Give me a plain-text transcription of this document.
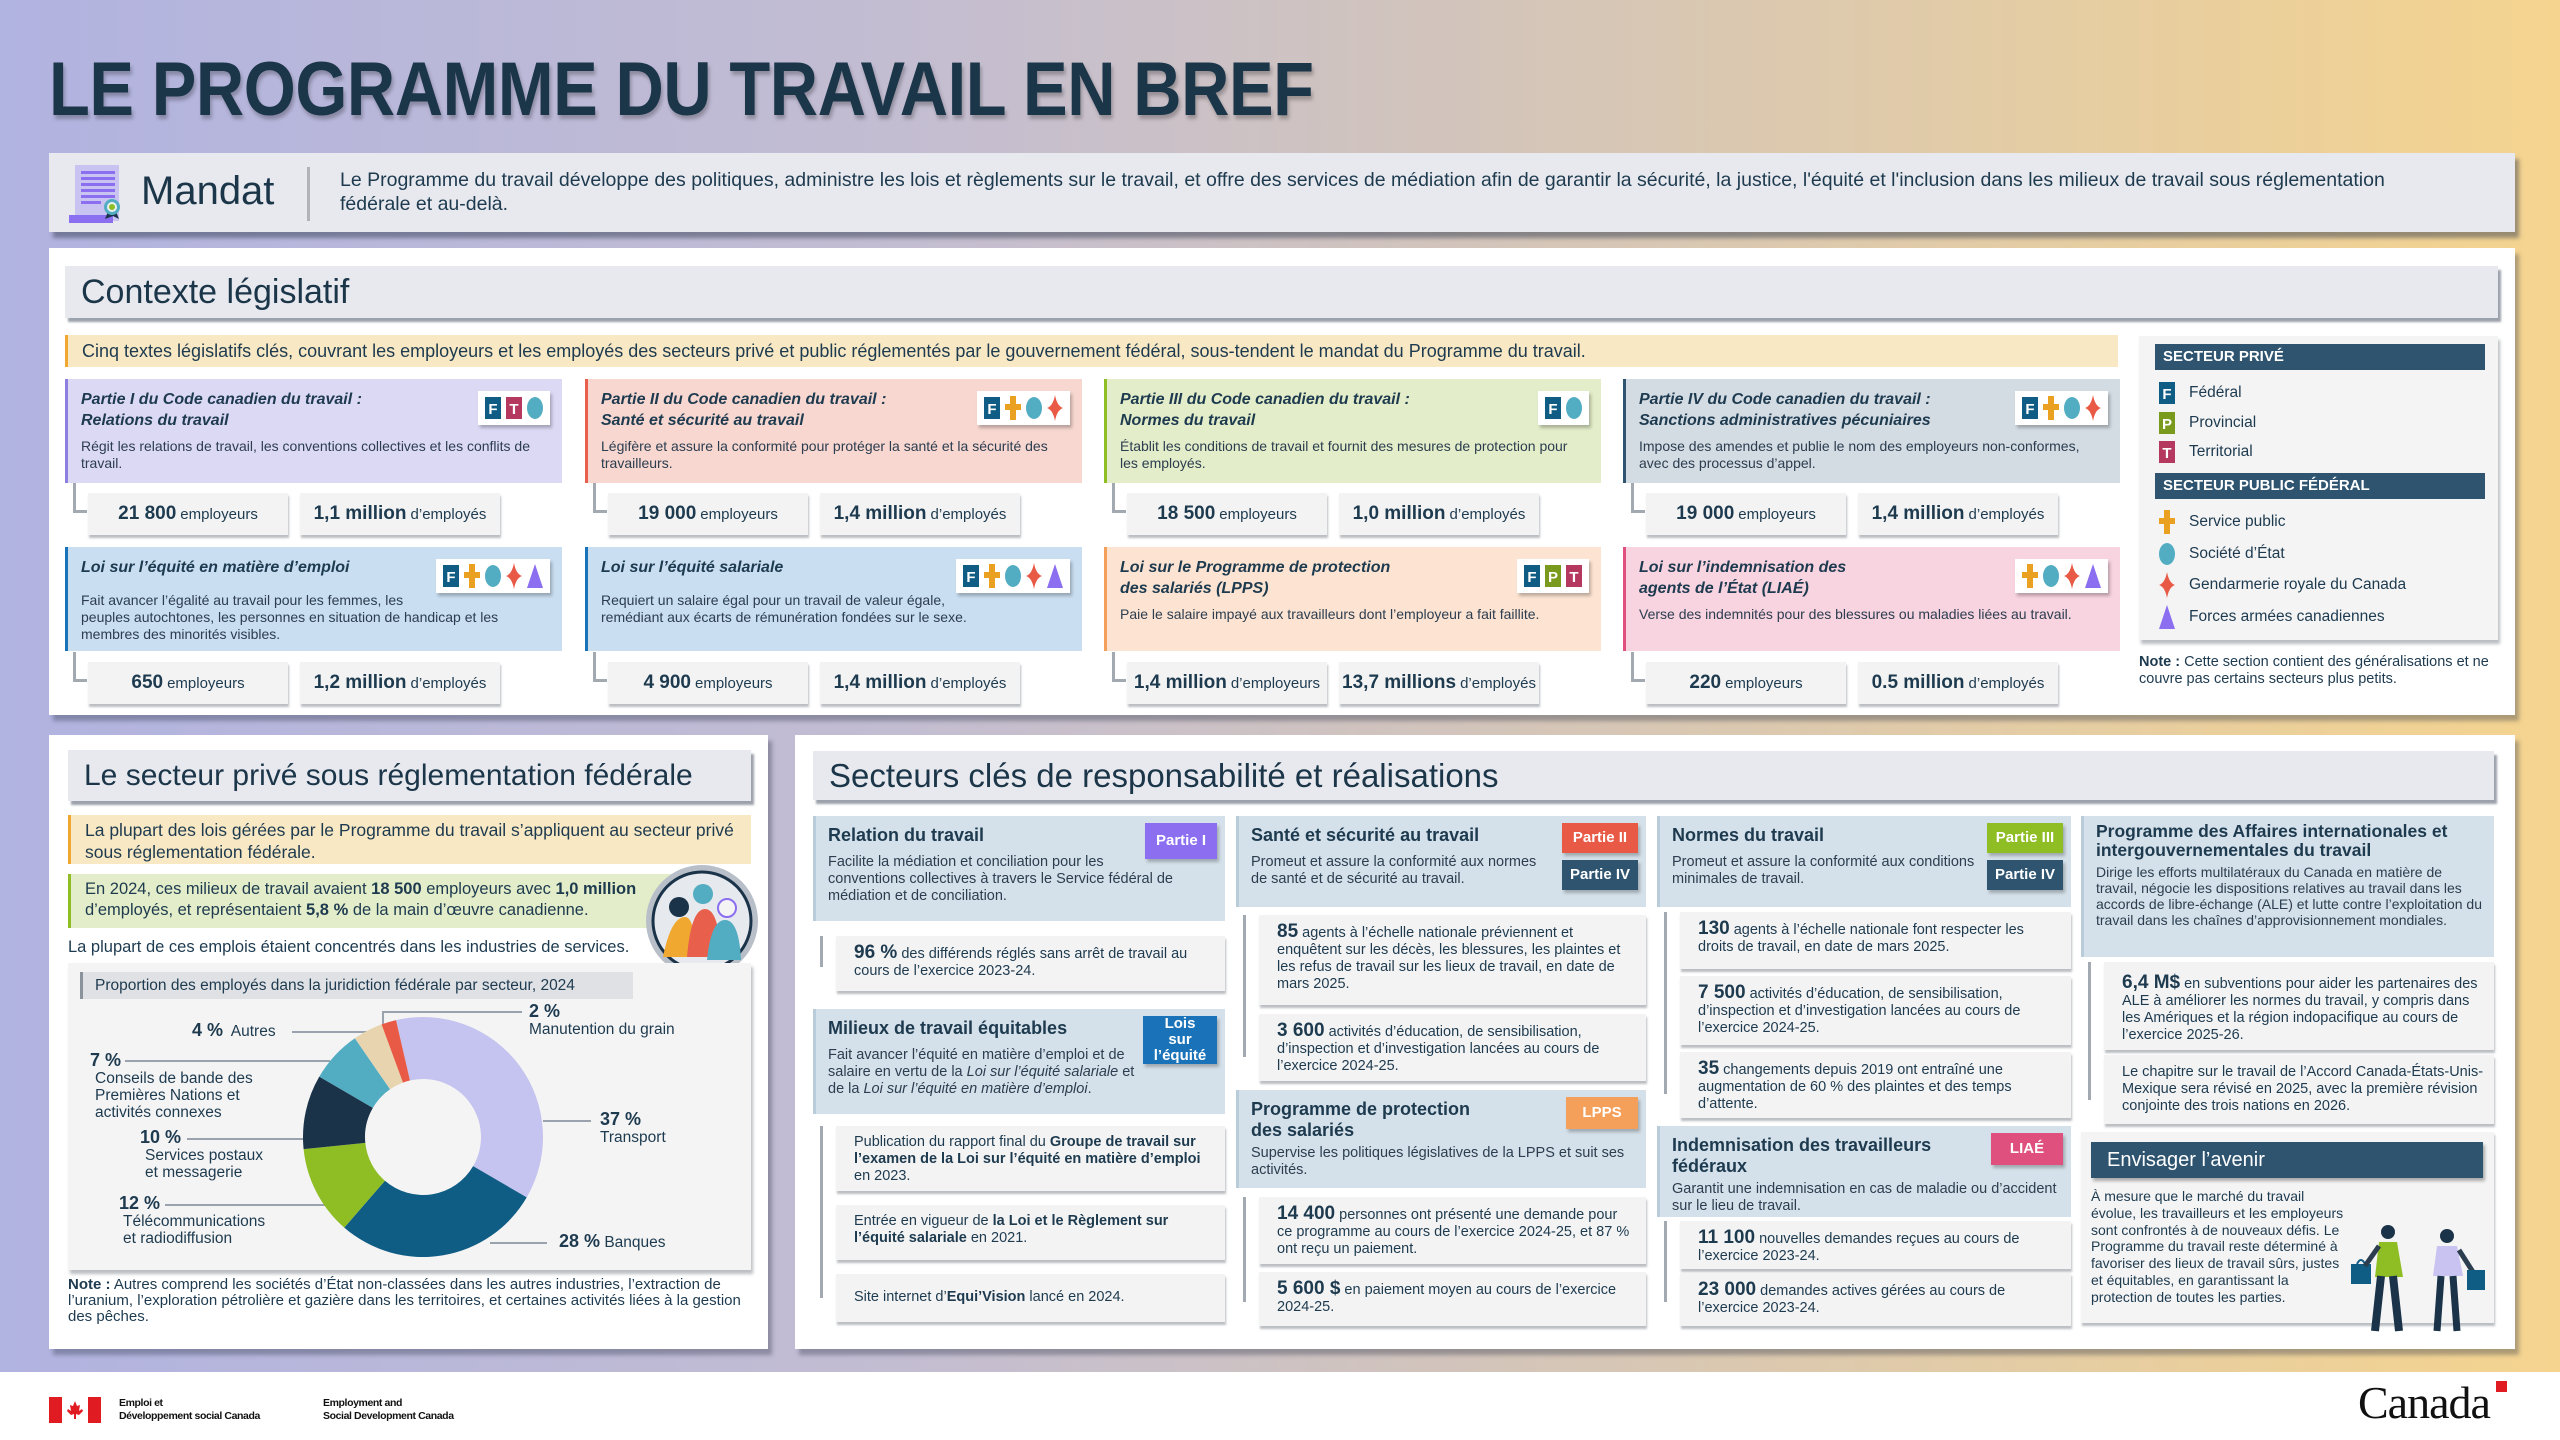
LE PROGRAMME DU TRAVAIL EN BREF
Mandat	Le Programme du travail développe des politiques, administre les lois et règlements sur le travail, et offre des services de médiation afin de garantir la sécurité, la justice, l'équité et l'inclusion dans les milieux de travail sous réglementation fédérale et au-delà.
Contexte législatif
Cinq textes législatifs clés, couvrant les employeurs et les employés des secteurs privé et public réglementés par le gouvernement fédéral, sous-tendent le mandat du Programme du travail.
F T
Partie I du Code canadien du travail :
Relations du travail
Régit les relations de travail, les conventions collectives et les conflits de travail.
F
Partie II du Code canadien du travail :
Santé et sécurité au travail
Légifère et assure la conformité pour protéger la santé et la sécurité des travailleurs.
F
Partie III du Code canadien du travail :
Normes du travail
Établit les conditions de travail et fournit des mesures de protection pour les employés.
F
Partie IV du Code canadien du travail :
Sanctions administratives pécuniaires
Impose des amendes et publie le nom des employeurs non-conformes, avec des processus d’appel.
F
Loi sur l’équité en matière d’emploi
Fait avancer l’égalité au travail pour les femmes, les peuples autochtones, les personnes en situation de handicap et les membres des minorités visibles.
F
Loi sur l’équité salariale
Requiert un salaire égal pour un travail de valeur égale, remédiant aux écarts de rémunération fondées sur le sexe.
F P T
Loi sur le Programme de protection
des salariés (LPPS)
Paie le salaire impayé aux travailleurs dont l’employeur a fait faillite.
Loi sur l’indemnisation des
agents de l’État (LIAÉ)
Verse des indemnités pour des blessures ou maladies liées au travail.
21 800 employeurs	1,1 million d’employés	19 000 employeurs	1,4 million d’employés	18 500 employeurs	1,0 million d’employés	19 000 employeurs	1,4 million d’employés
650 employeurs	1,2 million d’employés	4 900 employeurs	1,4 million d’employés	1,4 million d’employeurs 13,7 millions d’employés	220 employeurs	0.5 million d’employés
SECTEUR PRIVÉ
F Fédéral
P Provincial
T Territorial
SECTEUR PUBLIC FÉDÉRAL
Service public
Société d’État
Gendarmerie royale du Canada
Forces armées canadiennes
Note : Cette section contient des généralisations et ne couvre pas certains secteurs plus petits.
Le secteur privé sous réglementation fédérale
La plupart des lois gérées par le Programme du travail s’appliquent au secteur privé sous réglementation fédérale.
En 2024, ces milieux de travail avaient 18 500 employeurs avec 1,0 million d’employés, et représentaient 5,8 % de la main d’œuvre canadienne.
La plupart de ces emplois étaient concentrés dans les industries de services.
Proportion des employés dans la juridiction fédérale par secteur, 2024
37 %
Transport
28 % Banques
12 %
Télécommunications et radiodiffusion
10 %
Services postaux et messagerie
7 %
Conseils de bande des Premières Nations et activités connexes
4 % Autres
2 %
Manutention du grain
Note : Autres comprend les sociétés d’État non-classées dans les autres industries, l’extraction de l’uranium, l’exploration pétrolière et gazière dans les territoires, et certaines activités liées à la gestion des pêches.
Secteurs clés de responsabilité et réalisations
Partie I
Relation du travail
Facilite la médiation et conciliation pour les conventions collectives à travers le Service fédéral de médiation et de conciliation.
96 % des différends réglés sans arrêt de travail au cours de l’exercice 2023-24.
Lois sur l’équité
Milieux de travail équitables
Fait avancer l’équité en matière d’emploi et de salaire en vertu de la Loi sur l’équité salariale et de la Loi sur l’équité en matière d’emploi.
Publication du rapport final du Groupe de travail sur l’examen de la Loi sur l’équité en matière d’emploi en 2023.
Entrée en vigueur de la Loi et le Règlement sur l’équité salariale en 2021.
Site internet d’Equi’Vision lancé en 2024.
Partie II
Partie IV
Santé et sécurité au travail
Promeut et assure la conformité aux normes de santé et de sécurité au travail.
85 agents à l’échelle nationale préviennent et enquêtent sur les décès, les blessures, les plaintes et les refus de travail sur les lieux de travail, en date de mars 2025.
3 600 activités d’éducation, de sensibilisation, d’inspection et d’investigation lancées au cours de l’exercice 2024-25.
LPPS
Programme de protection des salariés
Supervise les politiques législatives de la LPPS et suit ses activités.
14 400 personnes ont présenté une demande pour ce programme au cours de l’exercice 2024-25, et 87 % ont reçu un paiement.
5 600 $ en paiement moyen au cours de l’exercice 2024-25.
Partie III
Partie IV
Normes du travail
Promeut et assure la conformité aux conditions minimales de travail.
130 agents à l’échelle nationale font respecter les droits de travail, en date de mars 2025.
7 500 activités d’éducation, de sensibilisation, d’inspection et d’investigation lancées au cours de l’exercice 2024-25.
35 changements depuis 2019 ont entraîné une augmentation de 60 % des plaintes et des temps d’attente.
LIAÉ
Indemnisation des travailleurs fédéraux
Garantit une indemnisation en cas de maladie ou d’accident sur le lieu de travail.
11 100 nouvelles demandes reçues au cours de l’exercice 2023-24.
23 000 demandes actives gérées au cours de l’exercice 2023-24.
Programme des Affaires internationales et intergouvernementales du travail
Dirige les efforts multilatéraux du Canada en matière de travail, négocie les dispositions relatives au travail dans les accords de libre-échange (ALE) et lutte contre l’exploitation du travail dans les chaînes d’approvisionnement mondiales.
6,4 M$ en subventions pour aider les partenaires des ALE à améliorer les normes du travail, y compris dans les Amériques et la région indopacifique au cours de l’exercice 2025-26.
Le chapitre sur le travail de l’Accord Canada-États-Unis-Mexique sera révisé en 2025, avec la première révision conjointe des trois nations en 2026.
Envisager l’avenir
À mesure que le marché du travail évolue, les travailleurs et les employeurs sont confrontés à de nouveaux défis. Le Programme du travail reste déterminé à favoriser des lieux de travail sûrs, justes et équitables, en garantissant la protection de toutes les parties.
Emploi et
Développement social Canada
Employment and
Social Development Canada	Canada
